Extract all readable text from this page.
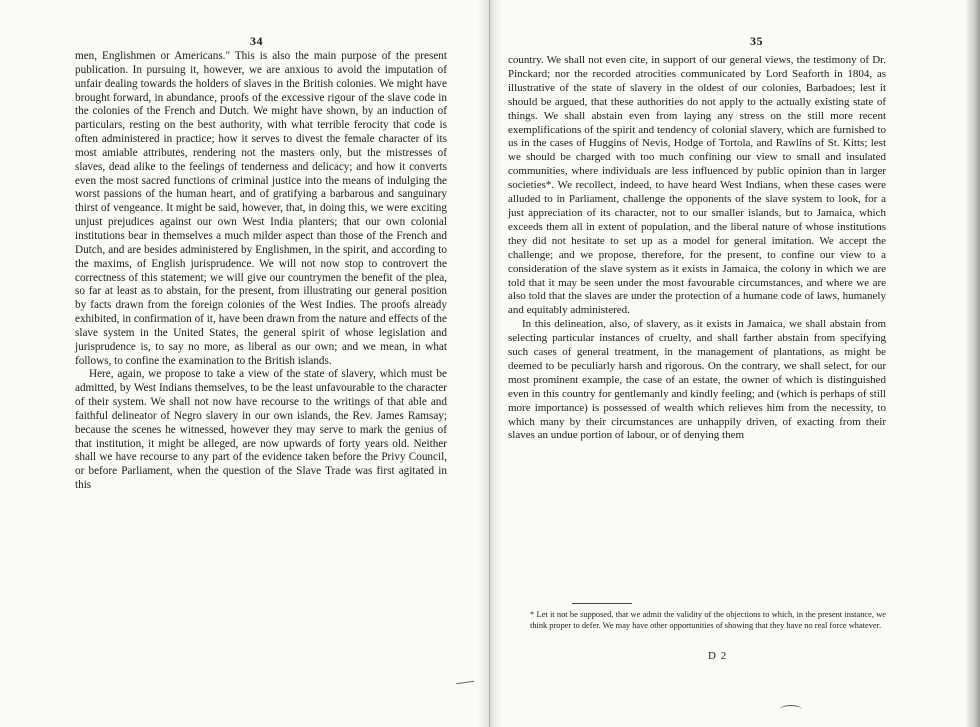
34

men, Englishmen or Americans." This is also the main purpose of the present publication. In pursuing it, however, we are anxious to avoid the imputation of unfair dealing towards the holders of slaves in the British colonies. We might have brought forward, in abundance, proofs of the excessive rigour of the slave code in the colonies of the French and Dutch. We might have shown, by an induction of particulars, resting on the best authority, with what terrible ferocity that code is often administered in practice; how it serves to divest the female character of its most amiable attributes, rendering not the masters only, but the mistresses of slaves, dead alike to the feelings of tenderness and delicacy; and how it converts even the most sacred functions of criminal justice into the means of indulging the worst passions of the human heart, and of gratifying a barbarous and sanguinary thirst of vengeance. It might be said, however, that, in doing this, we were exciting unjust prejudices against our own West India planters; that our own colonial institutions bear in themselves a much milder aspect than those of the French and Dutch, and are besides administered by Englishmen, in the spirit, and according to the maxims, of English jurisprudence. We will not now stop to controvert the correctness of this statement; we will give our countrymen the benefit of the plea, so far at least as to abstain, for the present, from illustrating our general position by facts drawn from the foreign colonies of the West Indies. The proofs already exhibited, in confirmation of it, have been drawn from the nature and effects of the slave system in the United States, the general spirit of whose legislation and jurisprudence is, to say no more, as liberal as our own; and we mean, in what follows, to confine the examination to the British islands.

Here, again, we propose to take a view of the state of slavery, which must be admitted, by West Indians themselves, to be the least unfavourable to the character of their system. We shall not now have recourse to the writings of that able and faithful delineator of Negro slavery in our own islands, the Rev. James Ramsay; because the scenes he witnessed, however they may serve to mark the genius of that institution, it might be alleged, are now upwards of forty years old. Neither shall we have recourse to any part of the evidence taken before the Privy Council, or before Parliament, when the question of the Slave Trade was first agitated in this

35

country. We shall not even cite, in support of our general views, the testimony of Dr. Pinckard; nor the recorded atrocities communicated by Lord Seaforth in 1804, as illustrative of the state of slavery in the oldest of our colonies, Barbadoes; lest it should be argued, that these authorities do not apply to the actually existing state of things. We shall abstain even from laying any stress on the still more recent exemplifications of the spirit and tendency of colonial slavery, which are furnished to us in the cases of Huggins of Nevis, Hodge of Tortola, and Rawlins of St. Kitts; lest we should be charged with too much confining our view to small and insulated communities, where individuals are less influenced by public opinion than in larger societies*. We recollect, indeed, to have heard West Indians, when these cases were alluded to in Parliament, challenge the opponents of the slave system to look, for a just appreciation of its character, not to our smaller islands, but to Jamaica, which exceeds them all in extent of population, and the liberal nature of whose institutions they did not hesitate to set up as a model for general imitation. We accept the challenge; and we propose, therefore, for the present, to confine our view to a consideration of the slave system as it exists in Jamaica, the colony in which we are told that it may be seen under the most favourable circumstances, and where we are also told that the slaves are under the protection of a humane code of laws, humanely and equitably administered.

In this delineation, also, of slavery, as it exists in Jamaica, we shall abstain from selecting particular instances of cruelty, and shall farther abstain from specifying such cases of general treatment, in the management of plantations, as might be deemed to be peculiarly harsh and rigorous. On the contrary, we shall select, for our most prominent example, the case of an estate, the owner of which is distinguished even in this country for gentlemanly and kindly feeling; and (which is perhaps of still more importance) is possessed of wealth which relieves him from the necessity, to which many by their circumstances are unhappily driven, of exacting from their slaves an undue portion of labour, or of denying them

* Let it not be supposed, that we admit the validity of the objections to which, in the present instance, we think proper to defer. We may have other opportunities of showing that they have no real force whatever.
D 2
